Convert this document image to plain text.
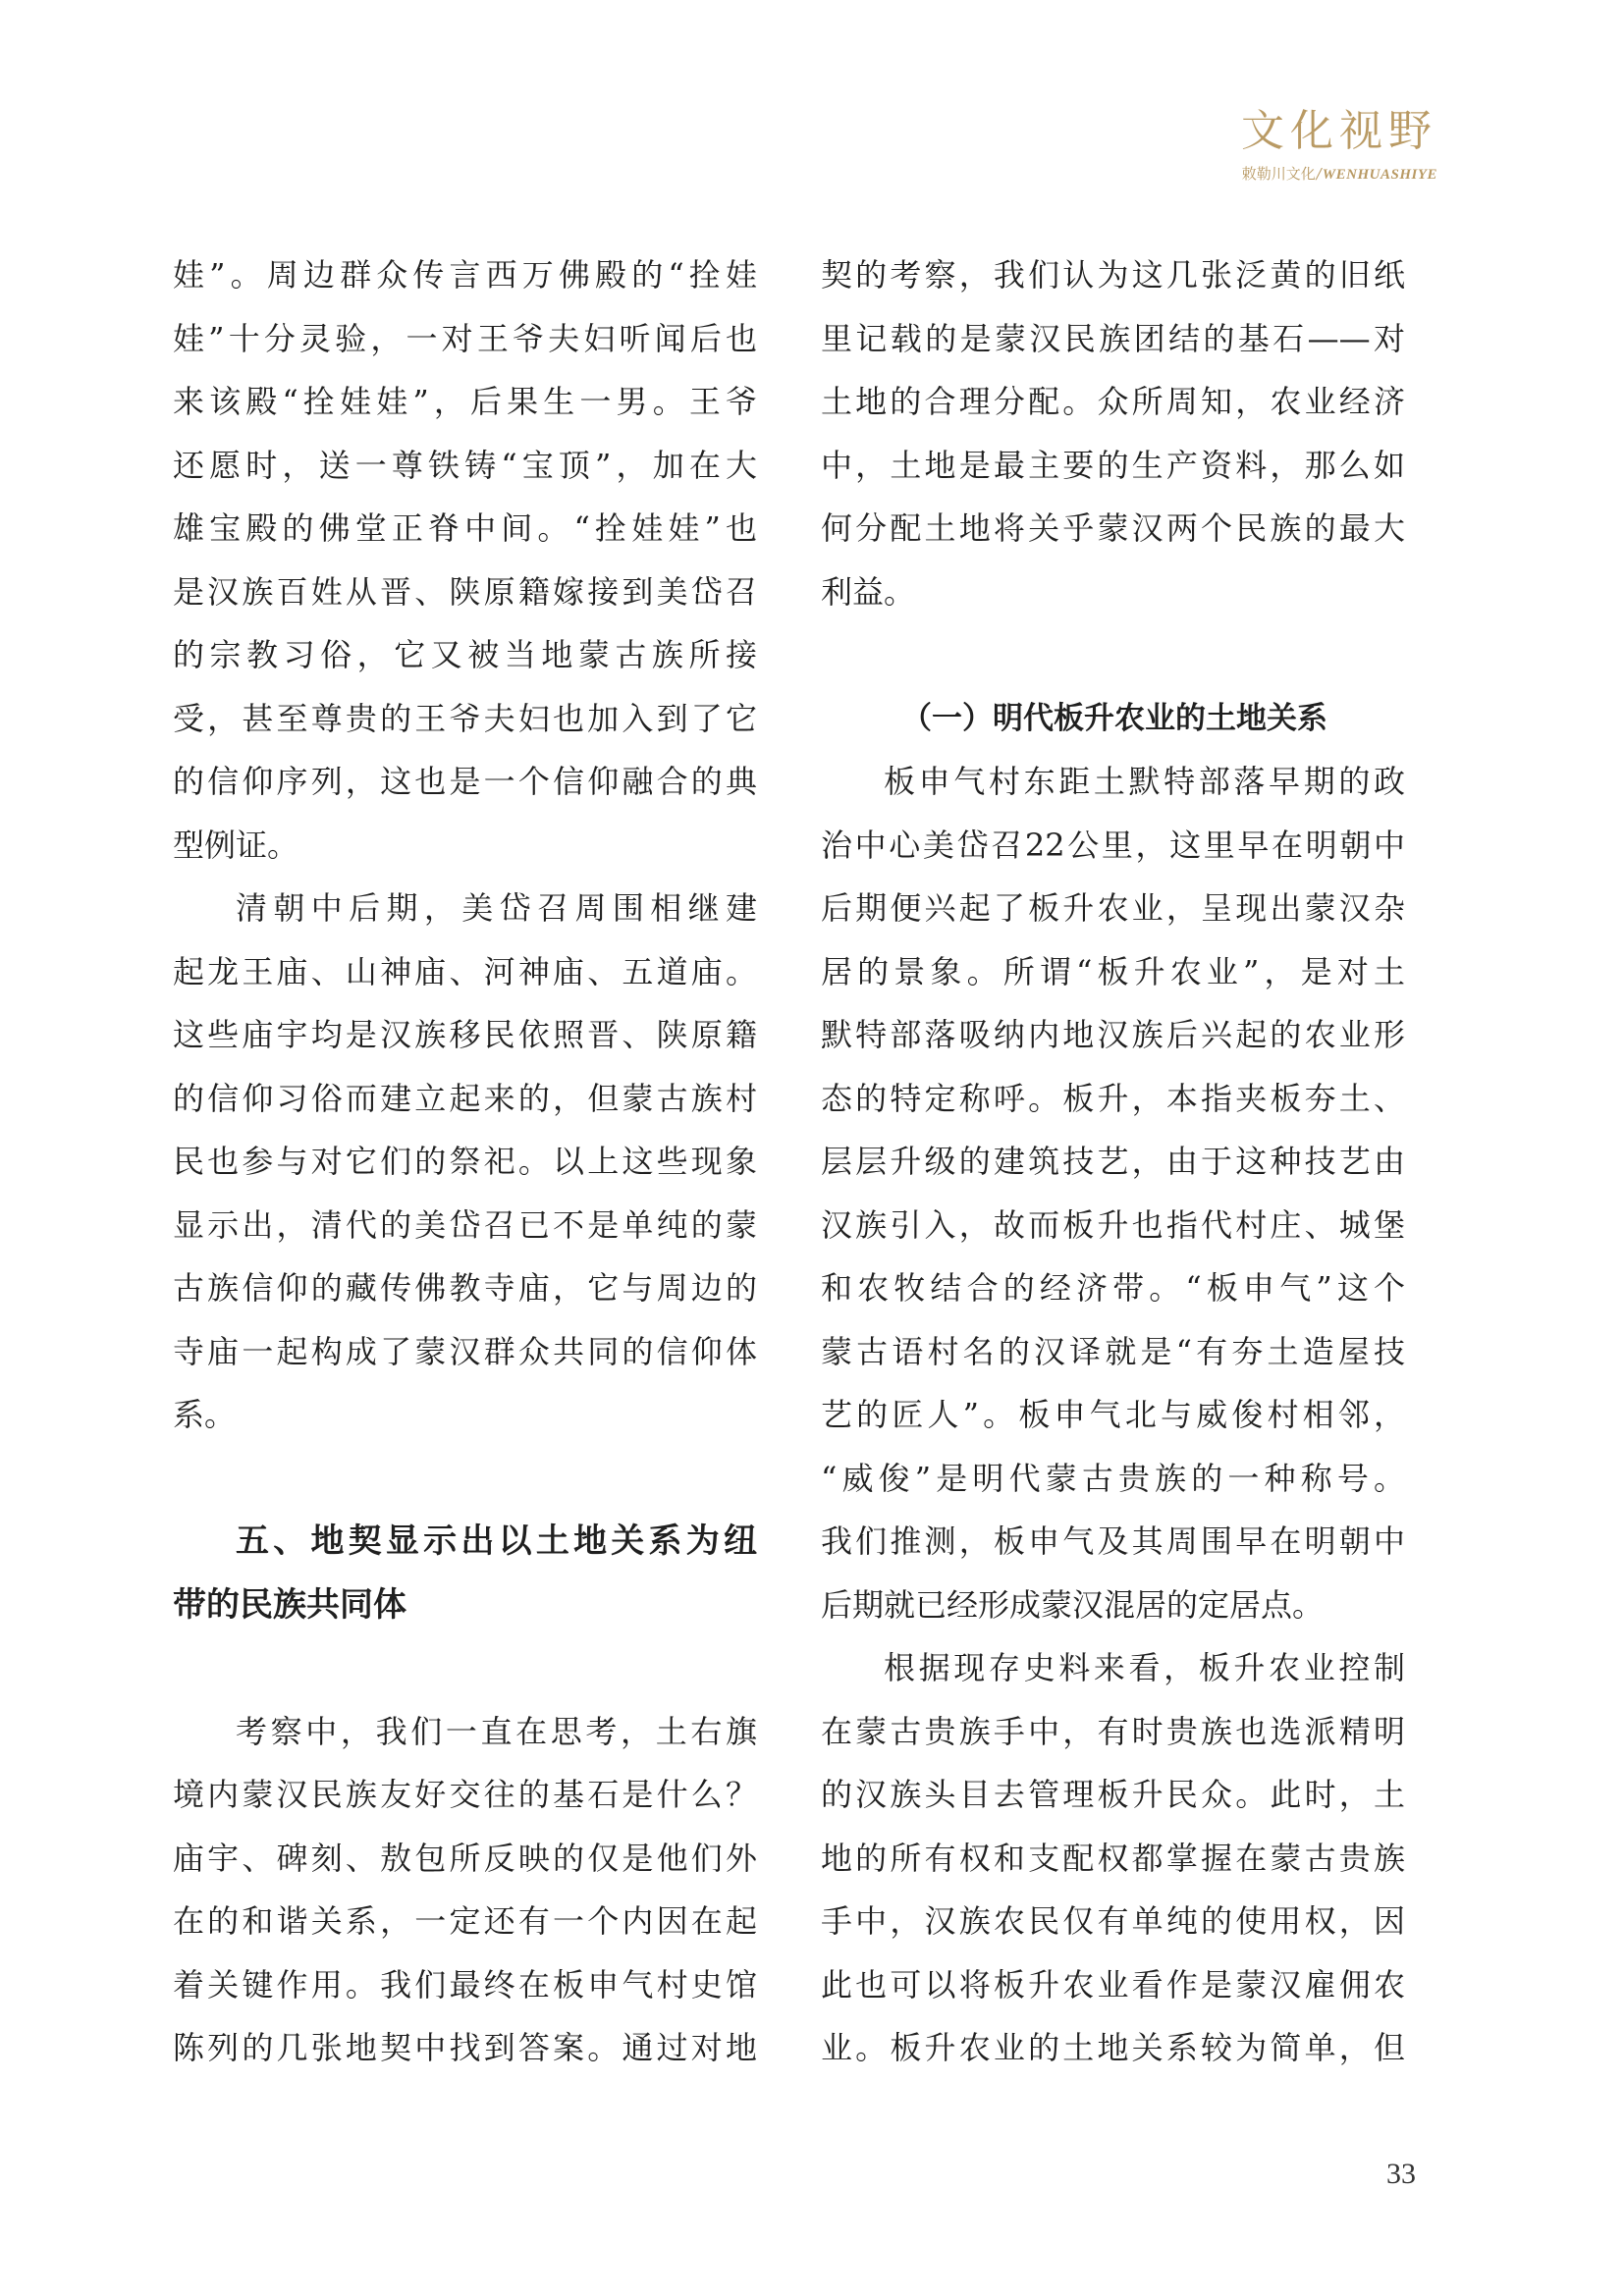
文化视野
敕勒川文化/WENHUASHIYE
娃”。周边群众传言西万佛殿的“拴娃
娃”十分灵验，一对王爷夫妇听闻后也
来该殿“拴娃娃”，后果生一男。王爷
还愿时，送一尊铁铸“宝顶”，加在大
雄宝殿的佛堂正脊中间。“拴娃娃”也
是汉族百姓从晋、陕原籍嫁接到美岱召
的宗教习俗，它又被当地蒙古族所接
受，甚至尊贵的王爷夫妇也加入到了它
的信仰序列，这也是一个信仰融合的典
型例证。
清朝中后期，美岱召周围相继建
起龙王庙、山神庙、河神庙、五道庙。
这些庙宇均是汉族移民依照晋、陕原籍
的信仰习俗而建立起来的，但蒙古族村
民也参与对它们的祭祀。以上这些现象
显示出，清代的美岱召已不是单纯的蒙
古族信仰的藏传佛教寺庙，它与周边的
寺庙一起构成了蒙汉群众共同的信仰体
系。
五、地契显示出以土地关系为纽
带的民族共同体
考察中，我们一直在思考，土右旗
境内蒙汉民族友好交往的基石是什么？
庙宇、碑刻、敖包所反映的仅是他们外
在的和谐关系，一定还有一个内因在起
着关键作用。我们最终在板申气村史馆
陈列的几张地契中找到答案。通过对地
契的考察，我们认为这几张泛黄的旧纸
里记载的是蒙汉民族团结的基石——对
土地的合理分配。众所周知，农业经济
中，土地是最主要的生产资料，那么如
何分配土地将关乎蒙汉两个民族的最大
利益。
（一）明代板升农业的土地关系
板申气村东距土默特部落早期的政
治中心美岱召22公里，这里早在明朝中
后期便兴起了板升农业，呈现出蒙汉杂
居的景象。所谓“板升农业”，是对土
默特部落吸纳内地汉族后兴起的农业形
态的特定称呼。板升，本指夹板夯土、
层层升级的建筑技艺，由于这种技艺由
汉族引入，故而板升也指代村庄、城堡
和农牧结合的经济带。“板申气”这个
蒙古语村名的汉译就是“有夯土造屋技
艺的匠人”。板申气北与威俊村相邻，
“威俊”是明代蒙古贵族的一种称号。
我们推测，板申气及其周围早在明朝中
后期就已经形成蒙汉混居的定居点。
根据现存史料来看，板升农业控制
在蒙古贵族手中，有时贵族也选派精明
的汉族头目去管理板升民众。此时，土
地的所有权和支配权都掌握在蒙古贵族
手中，汉族农民仅有单纯的使用权，因
此也可以将板升农业看作是蒙汉雇佣农
业。板升农业的土地关系较为简单，但
33
